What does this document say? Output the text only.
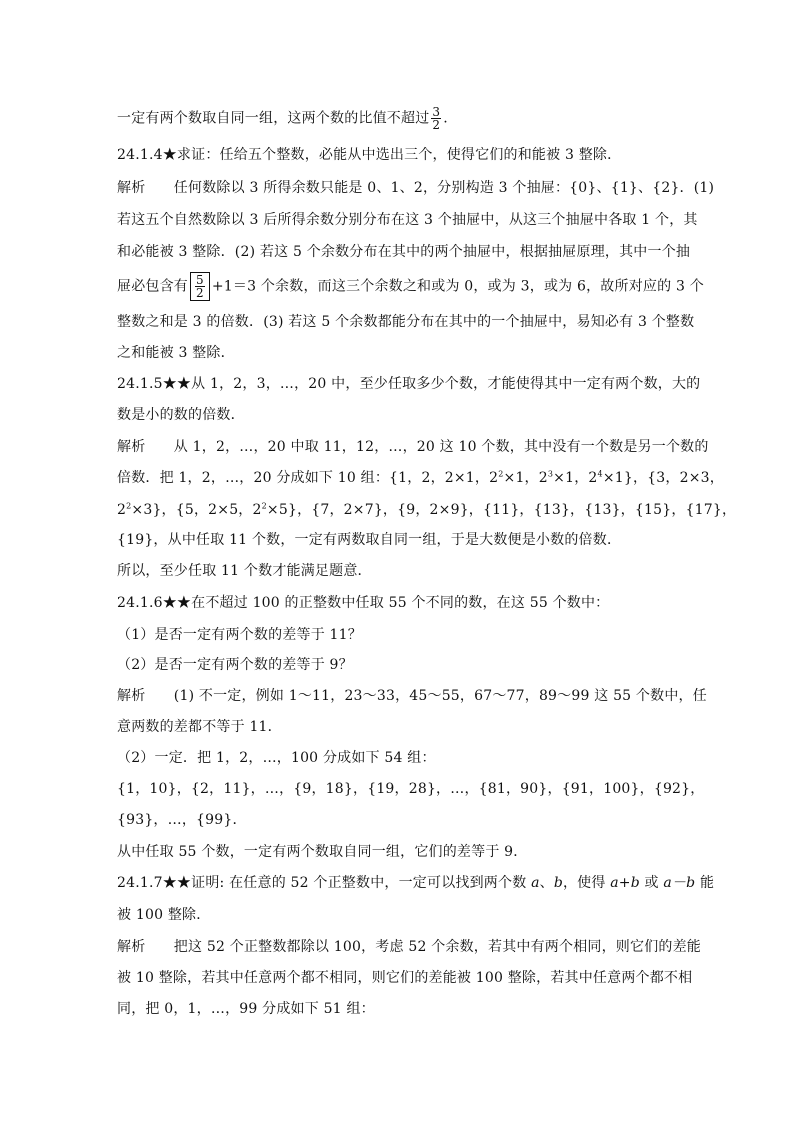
一定有两个数取自同一组，这两个数的比值不超过 $\frac{3}{2}$ .
24.1.4★求证：任给五个整数，必能从中选出三个，使得它们的和能被 3 整除．
解析　　任何数除以 3 所得余数只能是 0、1、2，分别构造 3 个抽屉：{0}、{1}、{2}．(1)
若这五个自然数除以 3 后所得余数分别分布在这 3 个抽屉中，从这三个抽屉中各取 1 个，其
和必能被 3 整除．(2) 若这 5 个余数分布在其中的两个抽屉中，根据抽屉原理，其中一个抽
屉必包含有 $\frac{5}{2} +1=3$ 个余数，而这三个余数之和或为 0，或为 3，或为 6，故所对应的 3 个
整数之和是 3 的倍数．(3) 若这 5 个余数都能分布在其中的一个抽屉中，易知必有 3 个整数
之和能被 3 整除．
24.1.5★★从 1，2，3，…，20 中，至少任取多少个数，才能使得其中一定有两个数，大的
数是小的数的倍数．
解析　　从 1，2，…，20 中取 11，12，…，20 这 10 个数，其中没有一个数是另一个数的
倍数．把 1，2，…，20 分成如下 10 组：{1，2，2×1，$2^2\times 1$，$2^3\times 1$，$2^4\times 1$}，{3，2×3，
$2^2\times 3$}，{5，2×5，$2^2\times 5$}，{7，2×7}，{9，2×9}，{11}，{13}，{13}，{15}，{17}，
{19}，从中任取 11 个数，一定有两数取自同一组，于是大数便是小数的倍数．
所以，至少任取 11 个数才能满足题意．
24.1.6★★在不超过 100 的正整数中任取 55 个不同的数，在这 55 个数中：
（1）是否一定有两个数的差等于 11？
（2）是否一定有两个数的差等于 9？
解析　　(1) 不一定，例如 1～11，23～33，45～55，67～77，89～99 这 55 个数中，任
意两数的差都不等于 11．
（2）一定．把 1，2，…，100 分成如下 54 组：
{1，10}，{2，11}，…，{9，18}，{19，28}，…，{81，90}，{91，100}，{92}，
{93}，…，{99}．
从中任取 55 个数，一定有两个数取自同一组，它们的差等于 9．
24.1.7★★证明: 在任意的 52 个正整数中，一定可以找到两个数 a、b，使得 a+b 或 a－b 能
被 100 整除．
解析　　把这 52 个正整数都除以 100，考虑 52 个余数，若其中有两个相同，则它们的差能
被 10 整除，若其中任意两个都不相同，则它们的差能被 100 整除，若其中任意两个都不相
同，把 0，1，…，99 分成如下 51 组：
